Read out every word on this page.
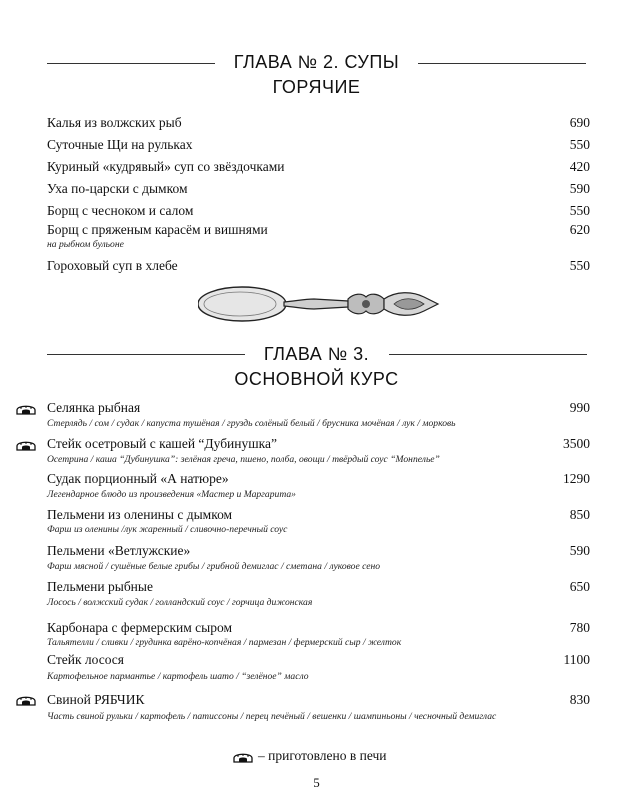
ГЛАВА № 2. СУПЫ
ГОРЯЧИЕ
Калья из волжских рыб	690
Суточные Щи на рульках	550
Куриный «кудрявый» суп со звёздочками	420
Уха по-царски с дымком	590
Борщ с чесноком и салом	550
Борщ с пряженым карасём и вишнями	620
на рыбном бульоне
Гороховый суп в хлебе	550
ГЛАВА № 3.
ОСНОВНОЙ КУРС
Селянка рыбная	990
Стерлядь / сом / судак / капуста тушёная / груздь солёный белый / брусника мочёная / лук / морковь
Стейк осетровый с кашей “Дубинушка”	3500
Осетрина / каша “Дубинушка”: зелёная греча, пшено, полба, овощи / твёрдый соус “Монпелье”
Судак порционный «А натюре»	1290
Легендарное блюдо из произведения «Мастер и Маргарита»
Пельмени из оленины с дымком	850
Фарш из оленины /лук жаренный / сливочно-перечный соус
Пельмени «Ветлужские»	590
Фарш мясной / сушёные белые грибы / грибной демиглас / сметана / луковое сено
Пельмени рыбные	650
Лосось / волжский судак / голландский соус / горчица дижонская
Карбонара с фермерским сыром	780
Тальятелли / сливки / грудинка варёно-копчёная / пармезан / фермерский сыр / желток
Стейк лосося	1100
Картофельное пармантье / картофель шато / “зелёное” масло
Свиной РЯБЧИК	830
Часть свиной рульки / картофель / патиссоны / перец печёный / вешенки / шампиньоны / чесночный демиглас
– приготовлено в печи
5
